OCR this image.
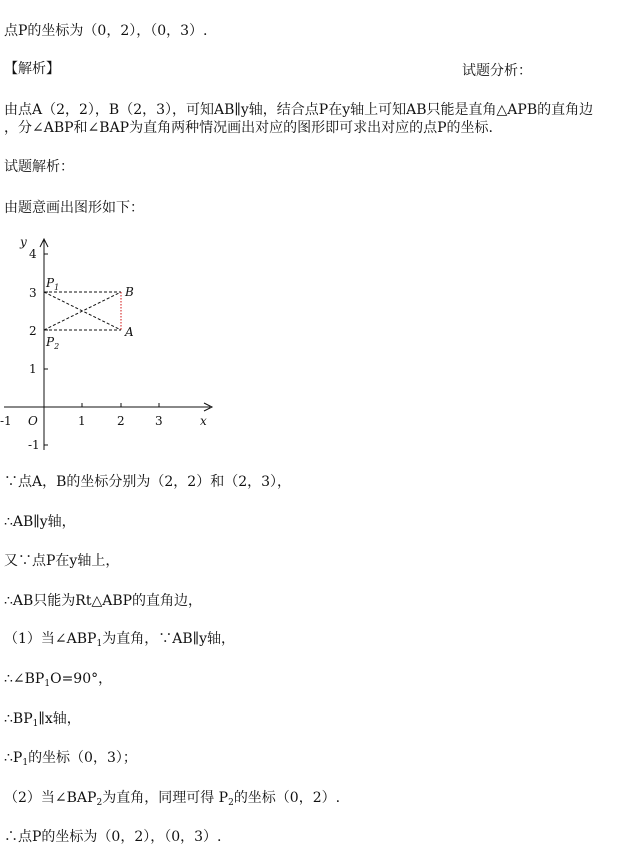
点P的坐标为（0，2），（0，3）.
【解析】	试题分析：
由点A（2，2），B（2，3），可知AB∥y轴，结合点P在y轴上可知AB只能是直角△APB的直角边
，分∠ABP和∠BAP为直角两种情况画出对应的图形即可求出对应的点P的坐标.
试题解析：
由题意画出图形如下：
y
4
3
2
1
-1
-1 O	1	2	3	x
$P_1$
$P_2$
B
A
∵点A，B的坐标分别为（2，2）和（2，3），
∴AB∥y轴，
又∵点P在y轴上，
∴AB只能为Rt△ABP的直角边，
（1）当$\angle ABP_1$为直角，∵AB∥y轴，
$\therefore\angle BP_1O=90^\circ$，
$\therefore BP_1\parallel x$轴，
$\therefore P_1$的坐标（0，3）；
（2）当$\angle BAP_2$为直角，同理可得 $P_2$的坐标（0，2）.
∴点P的坐标为（0，2），（0，3）.
